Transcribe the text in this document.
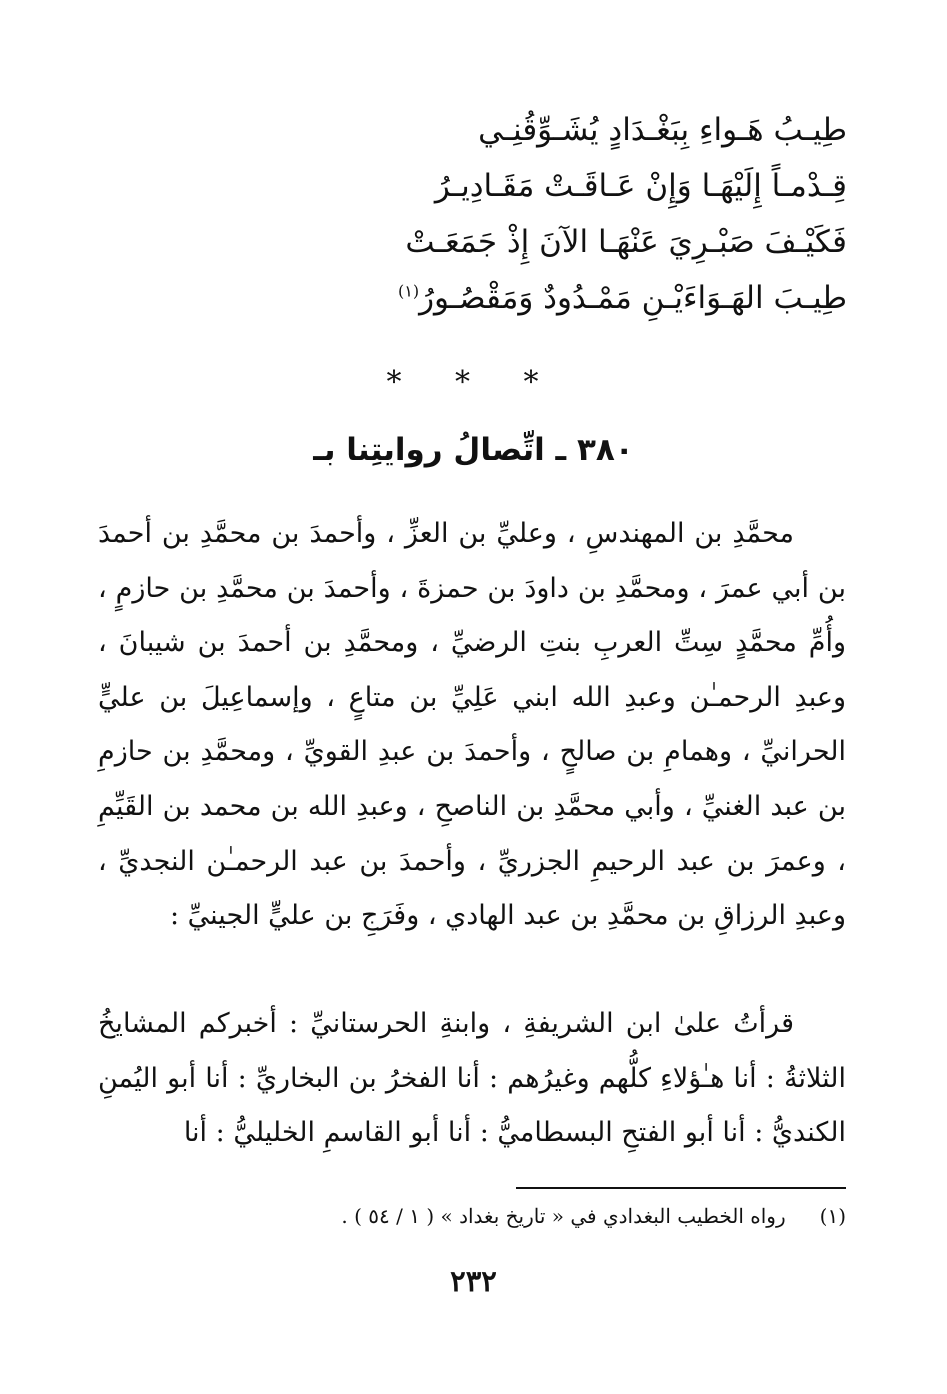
طِيـبُ هَـواءِ بِبَغْـدَادٍ يُشَـوِّقُنِـي
قِـدْمـاً إِلَيْهَـا وَإِنْ عَـاقَـتْ مَقَـادِيـرُ
فَكَيْـفَ صَبْـرِيَ عَنْهَـا الآنَ إِذْ جَمَعَـتْ
طِيـبَ الهَـوَاءَيْـنِ مَمْـدُودٌ وَمَقْصُـورُ$^{(١)}$
* * *
٣٨٠ ـ اتِّصالُ روايتِنا بـ
محمَّدِ بن المهندسِ ، وعليِّ بن العزِّ ، وأحمدَ بن محمَّدِ بن أحمدَ بن أبي عمرَ ، ومحمَّدِ بن داودَ بن حمزةَ ، وأحمدَ بن محمَّدِ بن حازمٍ ، وأُمِّ محمَّدٍ سِتِّ العربِ بنتِ الرضيِّ ، ومحمَّدِ بن أحمدَ بن شيبانَ ، وعبدِ الرحمـٰن وعبدِ الله ابني عَلِيِّ بن متاعٍ ، وإسماعِيلَ بن عليٍّ الحرانيِّ ، وهمامِ بن صالحٍ ، وأحمدَ بن عبدِ القويِّ ، ومحمَّدِ بن حازمِ بن عبد الغنيِّ ، وأبي محمَّدِ بن الناصحِ ، وعبدِ الله بن محمد بن القَيِّمِ ، وعمرَ بن عبد الرحيمِ الجزريِّ ، وأحمدَ بن عبد الرحمـٰن النجديِّ ، وعبدِ الرزاقِ بن محمَّدِ بن عبد الهادي ، وفَرَجِ بن عليٍّ الجينيِّ :
قرأتُ علىٰ ابن الشريفةِ ، وابنةِ الحرستانيِّ : أخبركم المشايخُ الثلاثةُ : أنا هـٰؤلاءِ كلُّهم وغيرُهم : أنا الفخرُ بن البخاريِّ : أنا أبو اليُمنِ الكنديُّ : أنا أبو الفتحِ البسطاميُّ : أنا أبو القاسمِ الخليليُّ : أنا
(١)رواه الخطيب البغدادي في « تاريخ بغداد » ( ١ / ٥٤ ) .
٢٣٢
